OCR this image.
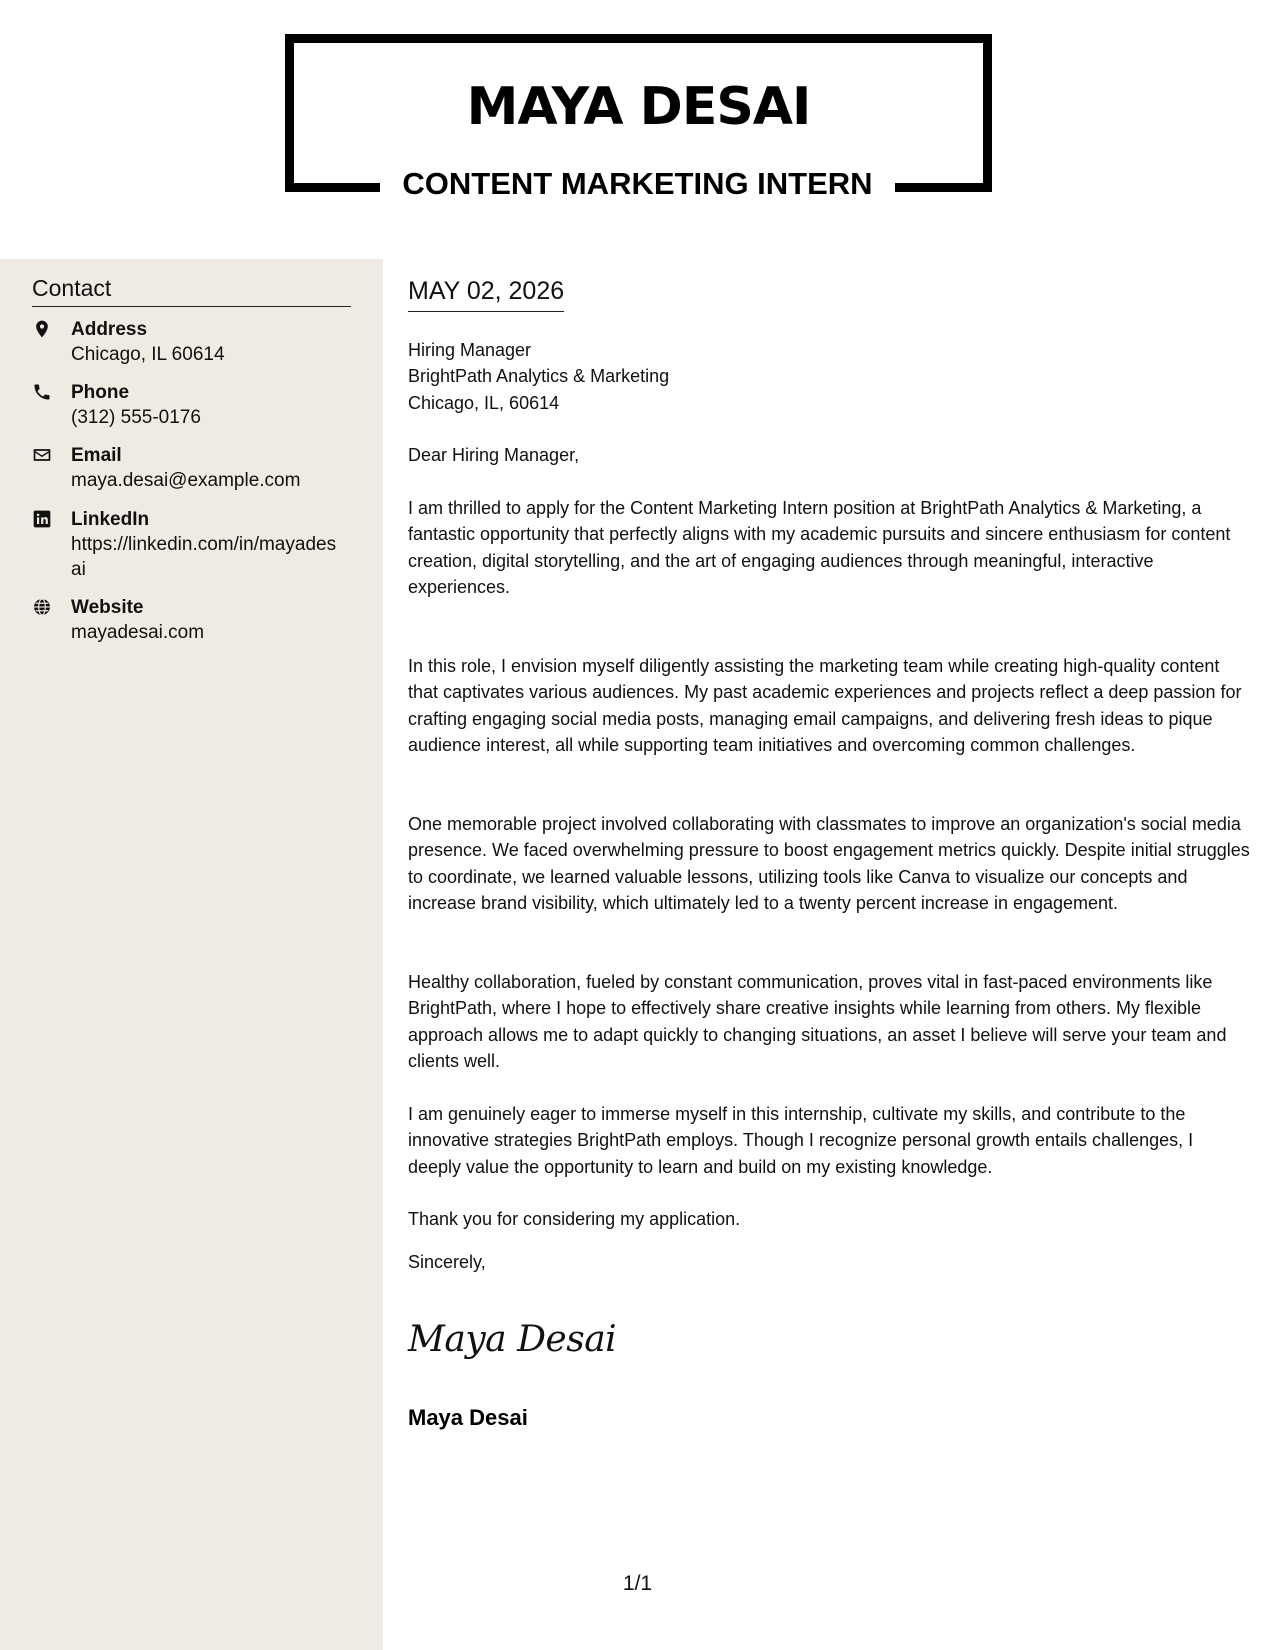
MAYA DESAI
CONTENT MARKETING INTERN
Contact
Address
Chicago, IL 60614
Phone
(312) 555-0176
Email
maya.desai@example.com
LinkedIn
https://linkedin.com/in/mayadesai
Website
mayadesai.com
MAY 02, 2026
Hiring Manager
BrightPath Analytics & Marketing
Chicago, IL, 60614
Dear Hiring Manager,

I am thrilled to apply for the Content Marketing Intern position at BrightPath Analytics & Marketing, a fantastic opportunity that perfectly aligns with my academic pursuits and sincere enthusiasm for content creation, digital storytelling, and the art of engaging audiences through meaningful, interactive experiences.

In this role, I envision myself diligently assisting the marketing team while creating high-quality content that captivates various audiences. My past academic experiences and projects reflect a deep passion for crafting engaging social media posts, managing email campaigns, and delivering fresh ideas to pique audience interest, all while supporting team initiatives and overcoming common challenges.

One memorable project involved collaborating with classmates to improve an organization's social media presence. We faced overwhelming pressure to boost engagement metrics quickly. Despite initial struggles to coordinate, we learned valuable lessons, utilizing tools like Canva to visualize our concepts and increase brand visibility, which ultimately led to a twenty percent increase in engagement.

Healthy collaboration, fueled by constant communication, proves vital in fast-paced environments like BrightPath, where I hope to effectively share creative insights while learning from others. My flexible approach allows me to adapt quickly to changing situations, an asset I believe will serve your team and clients well.

I am genuinely eager to immerse myself in this internship, cultivate my skills, and contribute to the innovative strategies BrightPath employs. Though I recognize personal growth entails challenges, I deeply value the opportunity to learn and build on my existing knowledge.

Thank you for considering my application.

Sincerely,
Maya Desai
Maya Desai
1/1
